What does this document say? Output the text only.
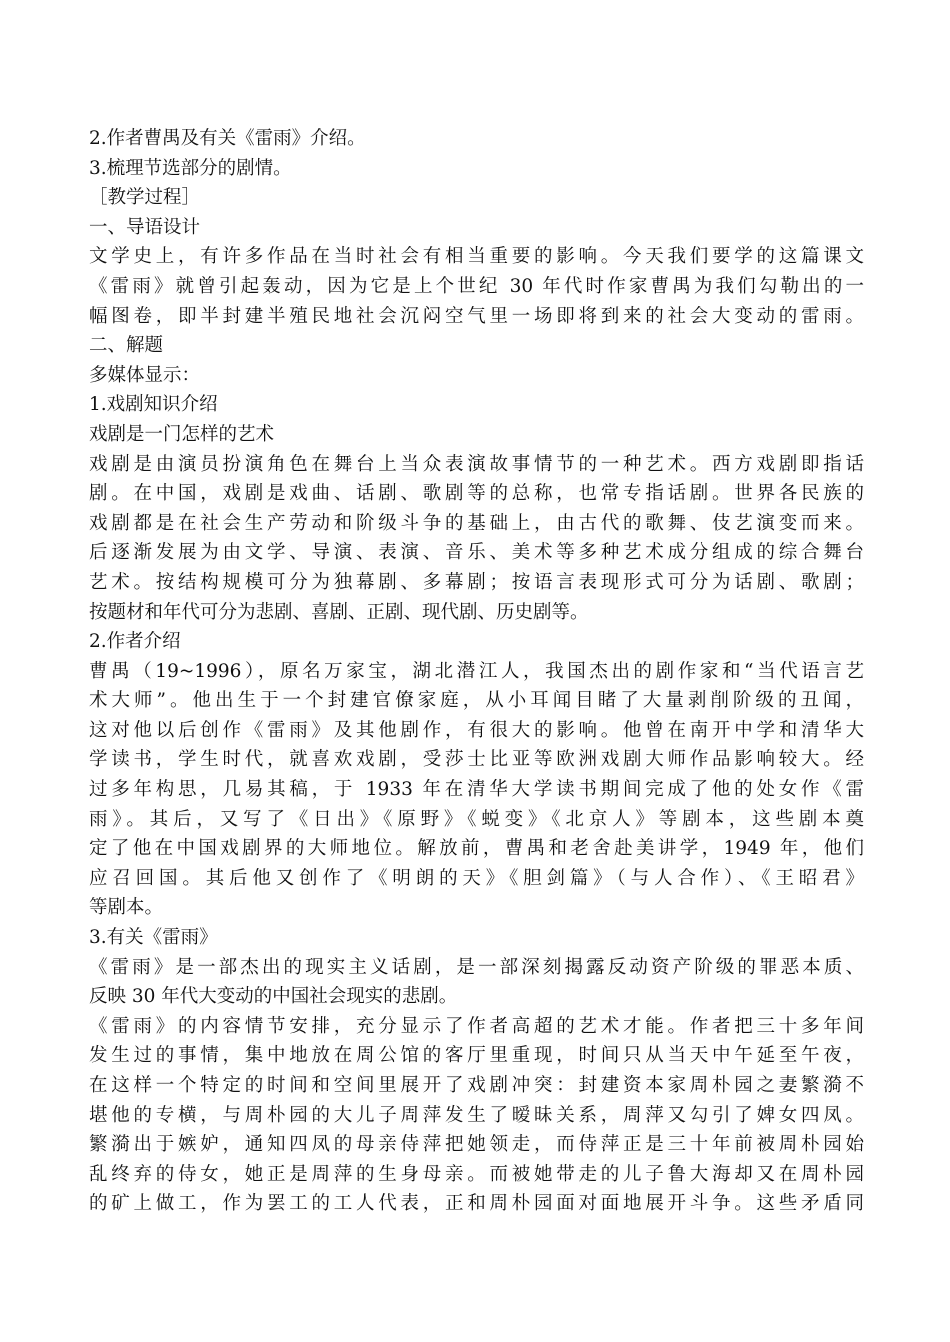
2.作者曹禺及有关《雷雨》介绍。
3.梳理节选部分的剧情。
［教学过程］
一、导语设计
文学史上，有许多作品在当时社会有相当重要的影响。今天我们要学的这篇课文
《雷雨》就曾引起轰动，因为它是上个世纪 30 年代时作家曹禺为我们勾勒出的一
幅图卷，即半封建半殖民地社会沉闷空气里一场即将到来的社会大变动的雷雨。
二、解题
多媒体显示：
1.戏剧知识介绍
戏剧是一门怎样的艺术
戏剧是由演员扮演角色在舞台上当众表演故事情节的一种艺术。西方戏剧即指话
剧。在中国，戏剧是戏曲、话剧、歌剧等的总称，也常专指话剧。世界各民族的
戏剧都是在社会生产劳动和阶级斗争的基础上，由古代的歌舞、伎艺演变而来。
后逐渐发展为由文学、导演、表演、音乐、美术等多种艺术成分组成的综合舞台
艺术。按结构规模可分为独幕剧、多幕剧；按语言表现形式可分为话剧、歌剧；
按题材和年代可分为悲剧、喜剧、正剧、现代剧、历史剧等。
2.作者介绍
曹禺（19~1996），原名万家宝，湖北潜江人，我国杰出的剧作家和“当代语言艺
术大师”。他出生于一个封建官僚家庭，从小耳闻目睹了大量剥削阶级的丑闻，
这对他以后创作《雷雨》及其他剧作，有很大的影响。他曾在南开中学和清华大
学读书，学生时代，就喜欢戏剧，受莎士比亚等欧洲戏剧大师作品影响较大。经
过多年构思，几易其稿，于 1933 年在清华大学读书期间完成了他的处女作《雷
雨》。其后，又写了《日出》《原野》《蜕变》《北京人》等剧本，这些剧本奠
定了他在中国戏剧界的大师地位。解放前，曹禺和老舍赴美讲学，1949 年，他们
应召回国。其后他又创作了《明朗的天》《胆剑篇》（与人合作）、《王昭君》
等剧本。
3.有关《雷雨》
《雷雨》是一部杰出的现实主义话剧，是一部深刻揭露反动资产阶级的罪恶本质、
反映 30 年代大变动的中国社会现实的悲剧。
《雷雨》的内容情节安排，充分显示了作者高超的艺术才能。作者把三十多年间
发生过的事情，集中地放在周公馆的客厅里重现，时间只从当天中午延至午夜，
在这样一个特定的时间和空间里展开了戏剧冲突：封建资本家周朴园之妻繁漪不
堪他的专横，与周朴园的大儿子周萍发生了暧昧关系，周萍又勾引了婢女四凤。
繁漪出于嫉妒，通知四凤的母亲侍萍把她领走，而侍萍正是三十年前被周朴园始
乱终弃的侍女，她正是周萍的生身母亲。而被她带走的儿子鲁大海却又在周朴园
的矿上做工，作为罢工的工人代表，正和周朴园面对面地展开斗争。这些矛盾同
